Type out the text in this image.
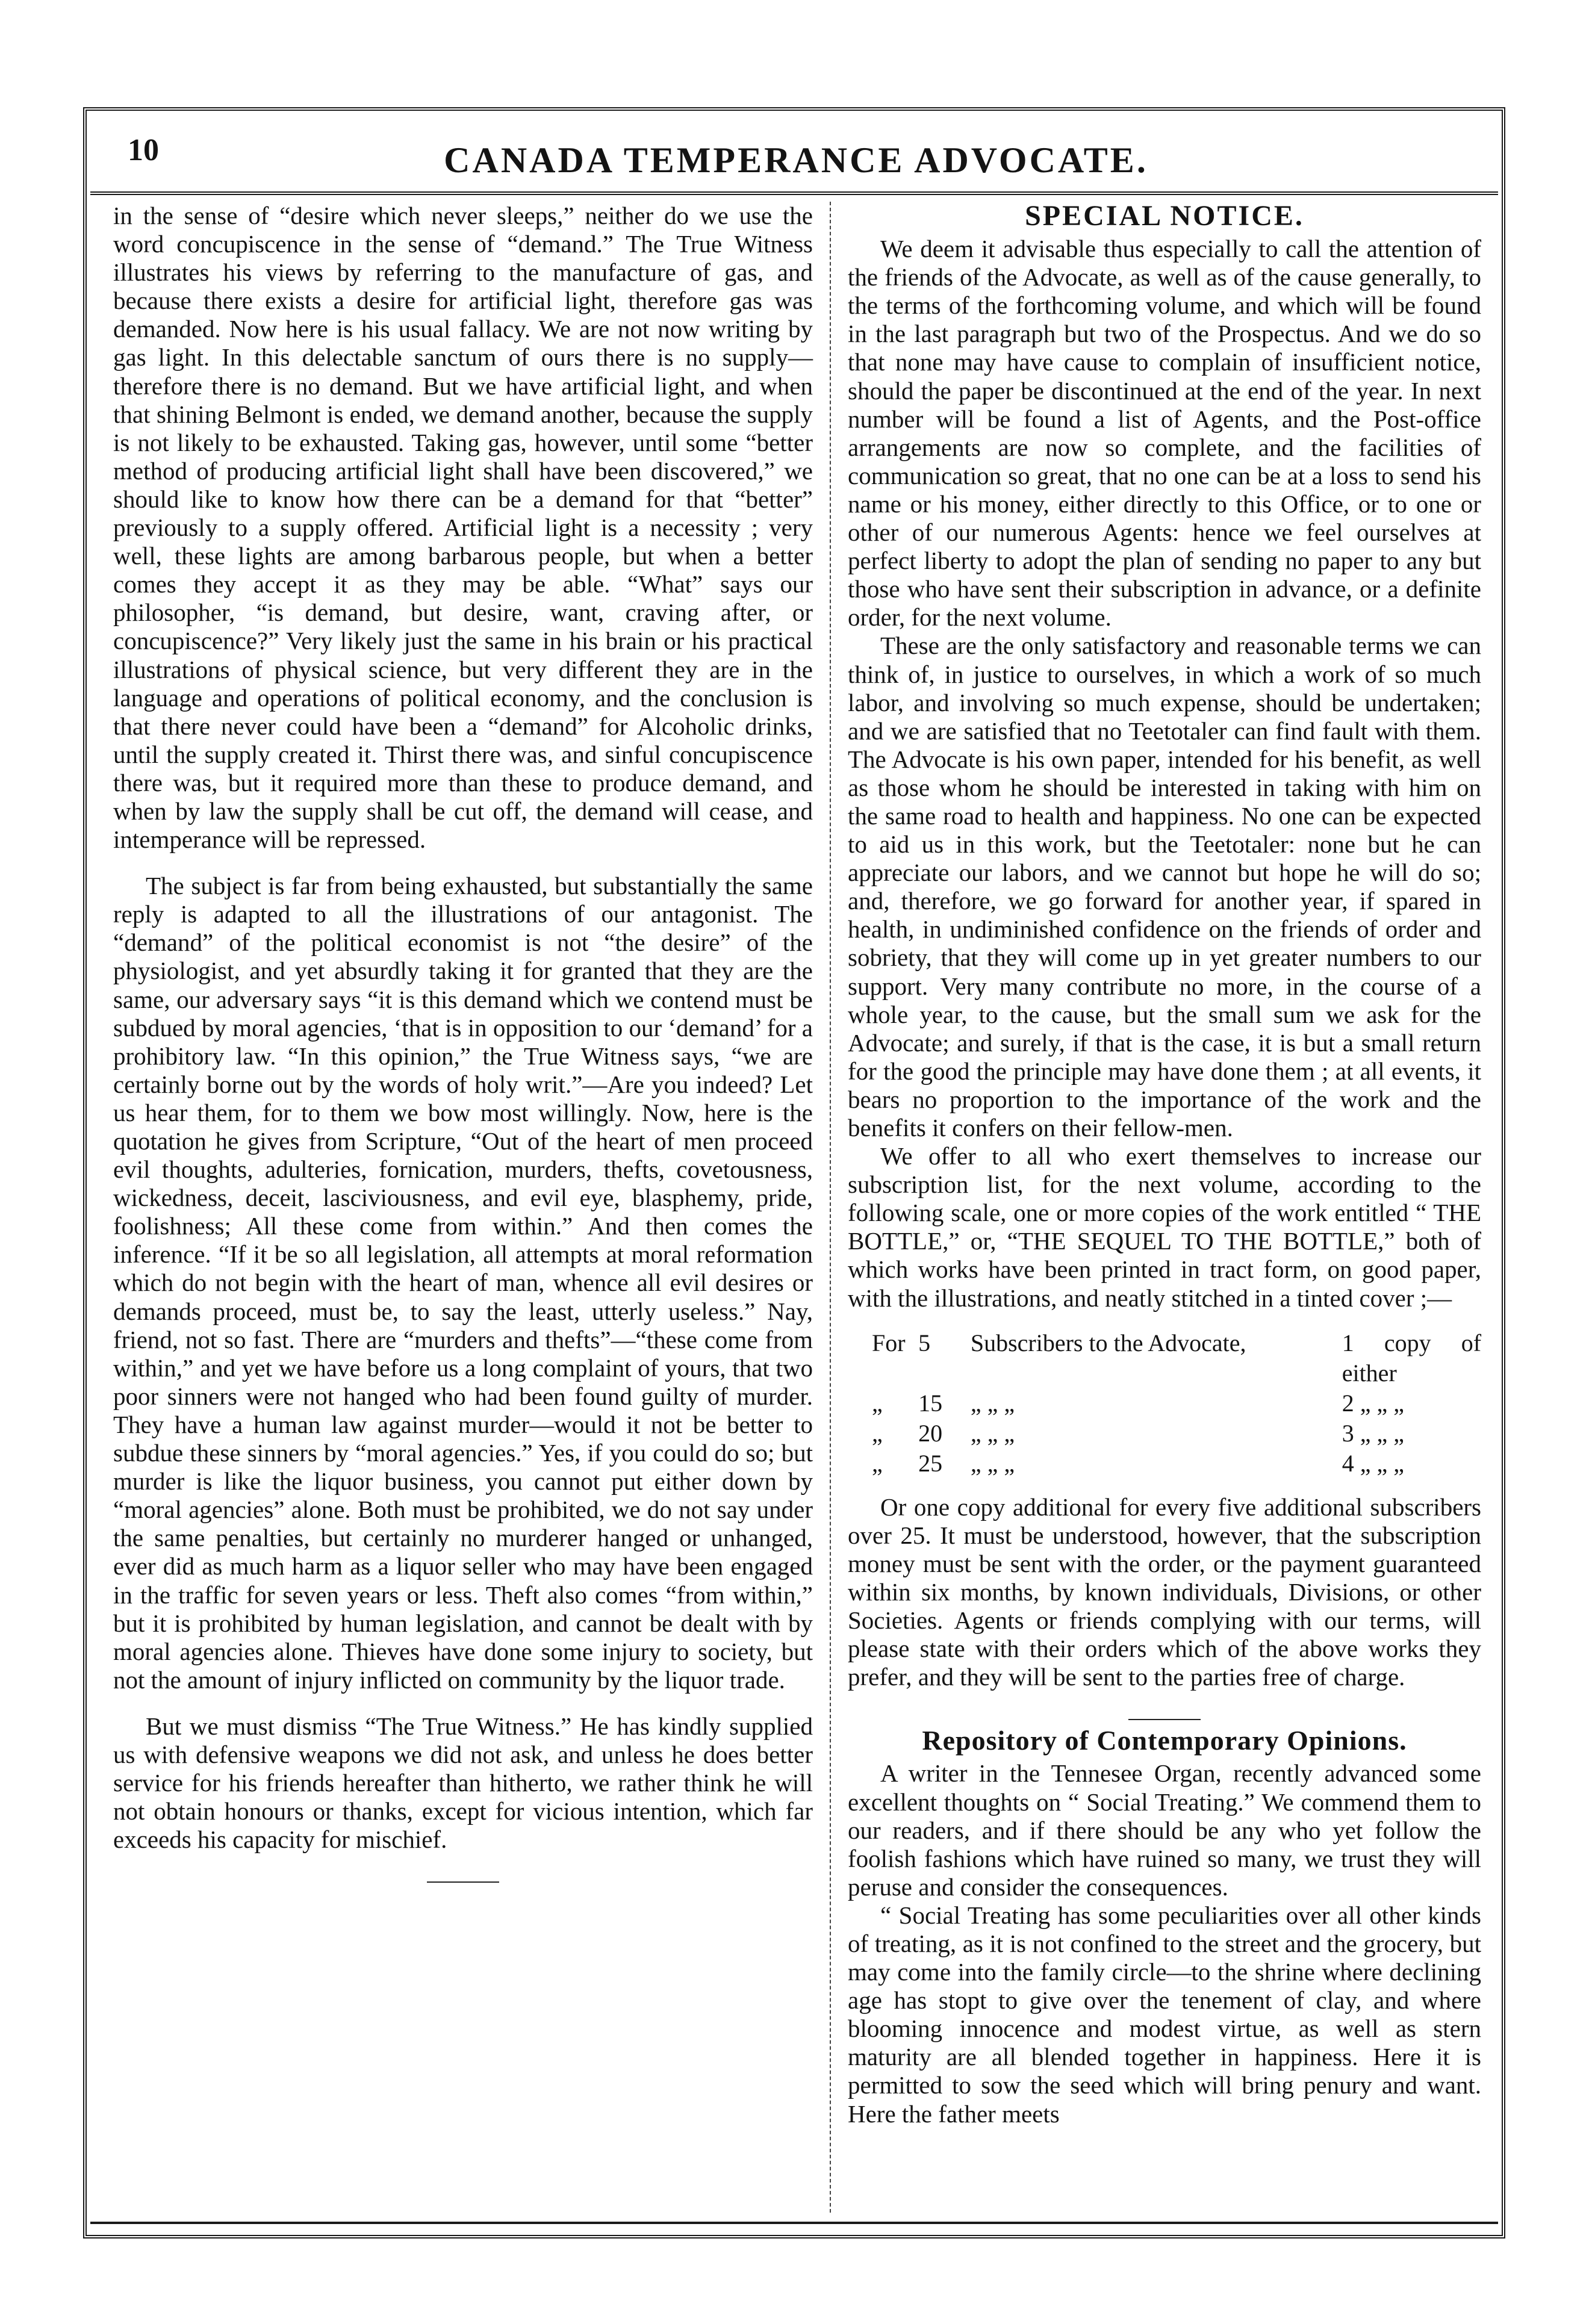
10	CANADA TEMPERANCE ADVOCATE.

in the sense of “desire which never sleeps,” neither do we use the word concupiscence in the sense of “demand.” The True Witness illustrates his views by referring to the manufacture of gas, and because there exists a desire for artificial light, therefore gas was demanded. Now here is his usual fallacy. We are not now writing by gas light. In this delectable sanctum of ours there is no supply—therefore there is no demand. But we have artificial light, and when that shining Belmont is ended, we demand another, because the supply is not likely to be exhausted. Taking gas, however, until some “better method of producing artificial light shall have been discovered,” we should like to know how there can be a demand for that “better” previously to a supply offered. Artificial light is a necessity ; very well, these lights are among barbarous people, but when a better comes they accept it as they may be able. “What” says our philosopher, “is demand, but desire, want, craving after, or concupiscence?” Very likely just the same in his brain or his practical illustrations of physical science, but very different they are in the language and operations of political economy, and the conclusion is that there never could have been a “demand” for Alcoholic drinks, until the supply created it. Thirst there was, and sinful concupiscence there was, but it required more than these to produce demand, and when by law the supply shall be cut off, the demand will cease, and intemperance will be repressed.

The subject is far from being exhausted, but substantially the same reply is adapted to all the illustrations of our antagonist. The “demand” of the political economist is not “the desire” of the physiologist, and yet absurdly taking it for granted that they are the same, our adversary says “it is this demand which we contend must be subdued by moral agencies, ‘that is in opposition to our ‘demand’ for a prohibitory law. “In this opinion,” the True Witness says, “we are certainly borne out by the words of holy writ.”—Are you indeed? Let us hear them, for to them we bow most willingly. Now, here is the quotation he gives from Scripture, “Out of the heart of men proceed evil thoughts, adulteries, fornication, murders, thefts, covetousness, wickedness, deceit, lasciviousness, and evil eye, blasphemy, pride, foolishness; All these come from within.” And then comes the inference. “If it be so all legislation, all attempts at moral reformation which do not begin with the heart of man, whence all evil desires or demands proceed, must be, to say the least, utterly useless.” Nay, friend, not so fast. There are “murders and thefts”—“these come from within,” and yet we have before us a long complaint of yours, that two poor sinners were not hanged who had been found guilty of murder. They have a human law against murder—would it not be better to subdue these sinners by “moral agencies.” Yes, if you could do so; but murder is like the liquor business, you cannot put either down by “moral agencies” alone. Both must be prohibited, we do not say under the same penalties, but certainly no murderer hanged or unhanged, ever did as much harm as a liquor seller who may have been engaged in the traffic for seven years or less. Theft also comes “from within,” but it is prohibited by human legislation, and cannot be dealt with by moral agencies alone. Thieves have done some injury to society, but not the amount of injury inflicted on community by the liquor trade.

But we must dismiss “The True Witness.” He has kindly supplied us with defensive weapons we did not ask, and unless he does better service for his friends hereafter than hitherto, we rather think he will not obtain honours or thanks, except for vicious intention, which far exceeds his capacity for mischief.

SPECIAL NOTICE.

We deem it advisable thus especially to call the attention of the friends of the Advocate, as well as of the cause generally, to the terms of the forthcoming volume, and which will be found in the last paragraph but two of the Prospectus. And we do so that none may have cause to complain of insufficient notice, should the paper be discontinued at the end of the year. In next number will be found a list of Agents, and the Post-office arrangements are now so complete, and the facilities of communication so great, that no one can be at a loss to send his name or his money, either directly to this Office, or to one or other of our numerous Agents: hence we feel ourselves at perfect liberty to adopt the plan of sending no paper to any but those who have sent their subscription in advance, or a definite order, for the next volume.

These are the only satisfactory and reasonable terms we can think of, in justice to ourselves, in which a work of so much labor, and involving so much expense, should be undertaken; and we are satisfied that no Teetotaler can find fault with them. The Advocate is his own paper, intended for his benefit, as well as those whom he should be interested in taking with him on the same road to health and happiness. No one can be expected to aid us in this work, but the Teetotaler: none but he can appreciate our labors, and we cannot but hope he will do so; and, therefore, we go forward for another year, if spared in health, in undiminished confidence on the friends of order and sobriety, that they will come up in yet greater numbers to our support. Very many contribute no more, in the course of a whole year, to the cause, but the small sum we ask for the Advocate; and surely, if that is the case, it is but a small return for the good the principle may have done them ; at all events, it bears no proportion to the importance of the work and the benefits it confers on their fellow-men.

We offer to all who exert themselves to increase our subscription list, for the next volume, according to the following scale, one or more copies of the work entitled “ THE BOTTLE,” or, “THE SEQUEL TO THE BOTTLE,” both of which works have been printed in tract form, on good paper, with the illustrations, and neatly stitched in a tinted cover ;—

For 5	Subscribers to the Advocate,	1 copy of either
„	15	„ „ „	2 „ „ „
„	20	„ „ „	3 „ „ „
„	25	„ „ „	4 „ „ „

Or one copy additional for every five additional subscribers over 25. It must be understood, however, that the subscription money must be sent with the order, or the payment guaranteed within six months, by known individuals, Divisions, or other Societies. Agents or friends complying with our terms, will please state with their orders which of the above works they prefer, and they will be sent to the parties free of charge.

Repository of Contemporary Opinions.

A writer in the Tennesee Organ, recently advanced some excellent thoughts on “ Social Treating.” We commend them to our readers, and if there should be any who yet follow the foolish fashions which have ruined so many, we trust they will peruse and consider the consequences.

“ Social Treating has some peculiarities over all other kinds of treating, as it is not confined to the street and the grocery, but may come into the family circle—to the shrine where declining age has stopt to give over the tenement of clay, and where blooming innocence and modest virtue, as well as stern maturity are all blended together in happiness. Here it is permitted to sow the seed which will bring penury and want. Here the father meets
